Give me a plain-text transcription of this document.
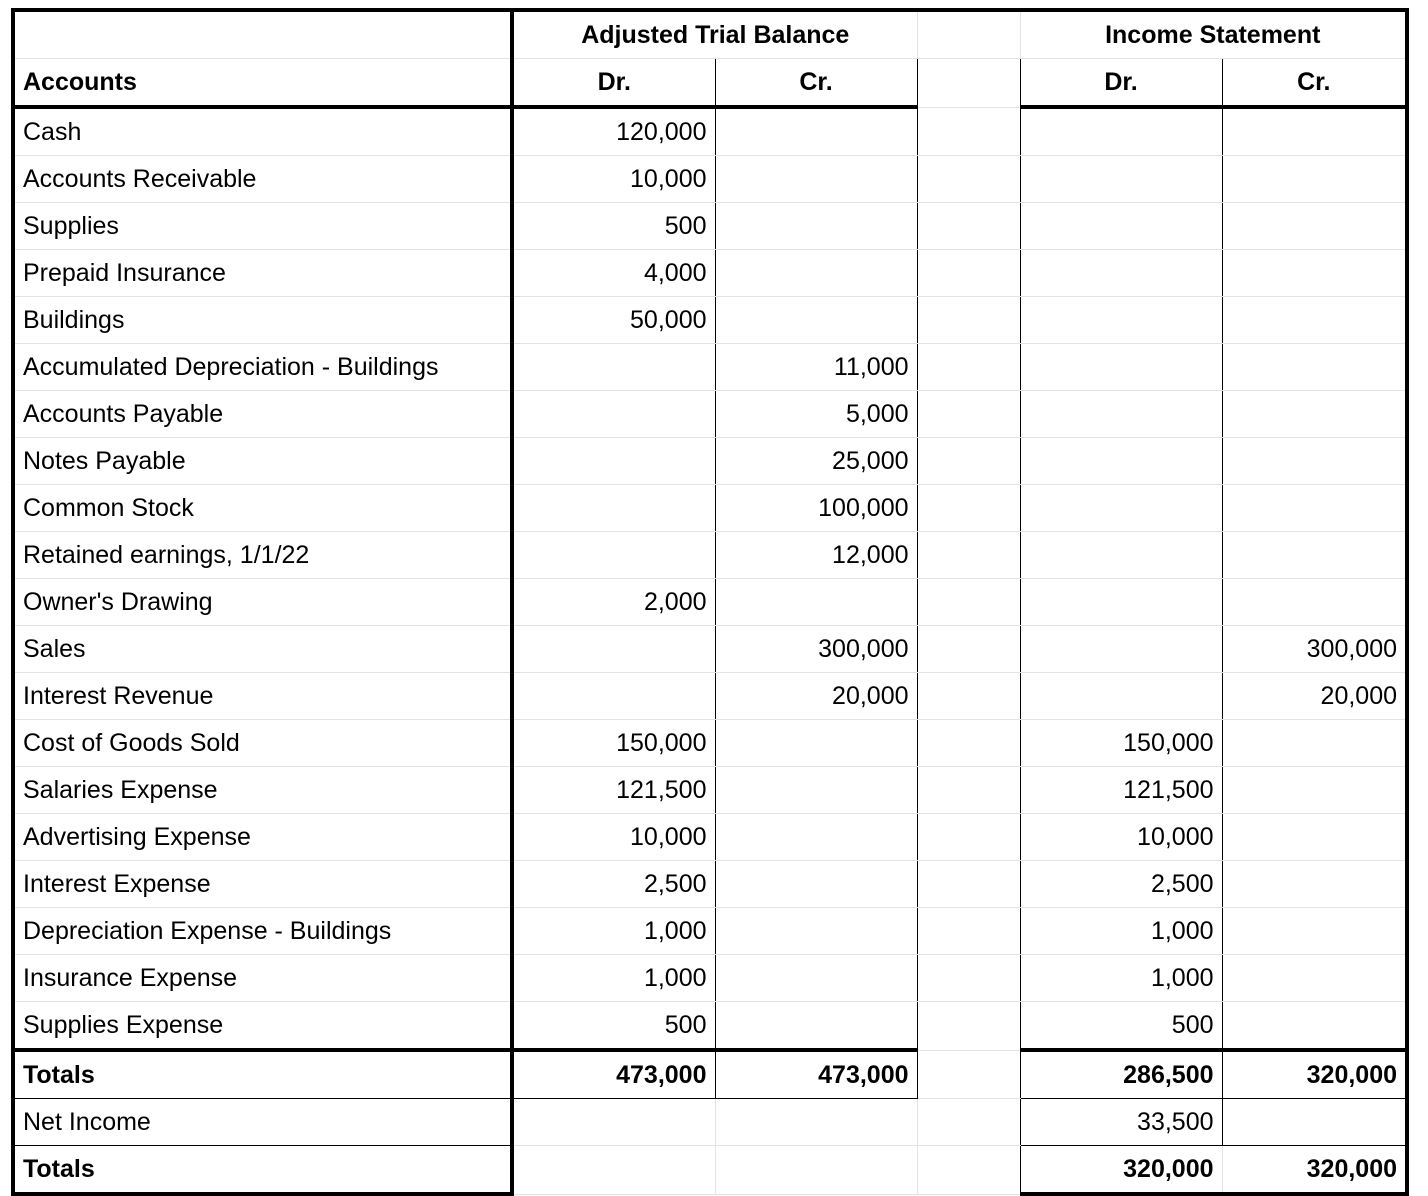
	Adjusted Trial Balance			Income Statement	
Accounts	Dr.	Cr.		Dr.	Cr.
Cash	120,000				
Accounts Receivable	10,000				
Supplies	500				
Prepaid Insurance	4,000				
Buildings	50,000				
Accumulated Depreciation - Buildings		11,000			
Accounts Payable		5,000			
Notes Payable		25,000			
Common Stock		100,000			
Retained earnings, 1/1/22		12,000			
Owner's Drawing	2,000				
Sales		300,000			300,000
Interest Revenue		20,000			20,000
Cost of Goods Sold	150,000			150,000	
Salaries Expense	121,500			121,500	
Advertising Expense	10,000			10,000	
Interest Expense	2,500			2,500	
Depreciation Expense - Buildings	1,000			1,000	
Insurance Expense	1,000			1,000	
Supplies Expense	500			500	
Totals	473,000	473,000		286,500	320,000
Net Income				33,500	
Totals				320,000	320,000
